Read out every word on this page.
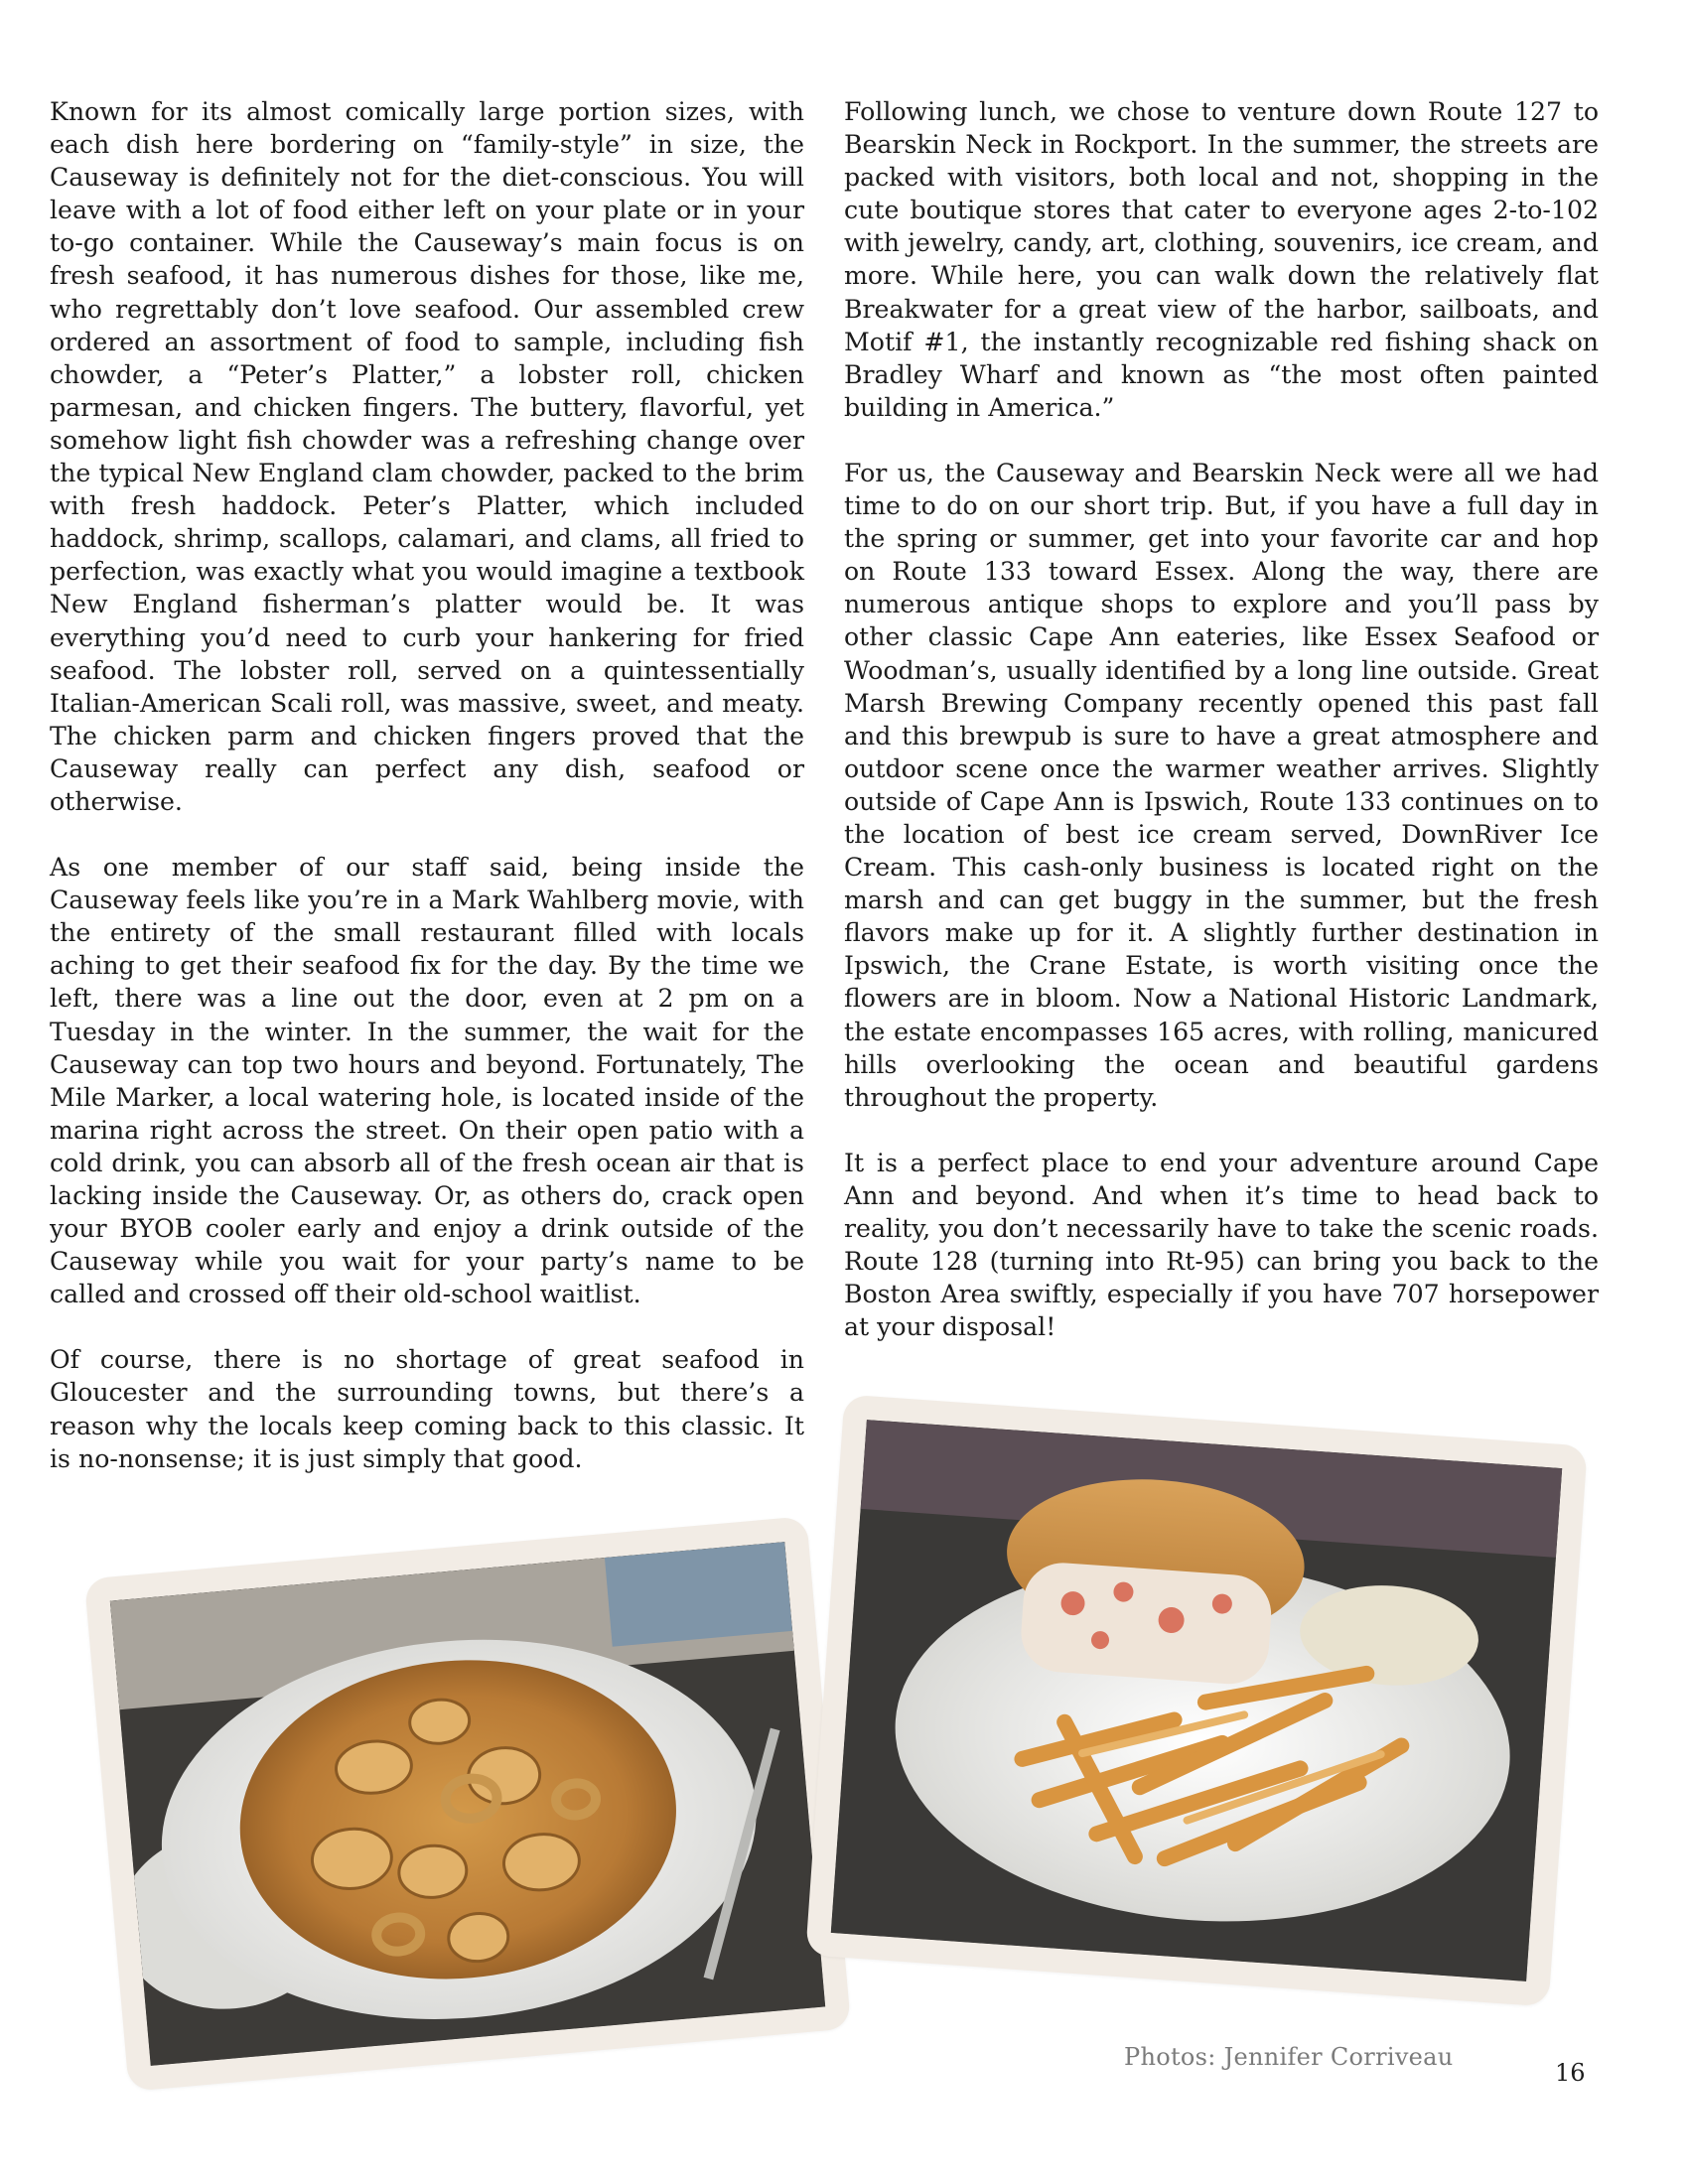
Known for its almost comically large portion sizes, with each dish here bordering on “family-style” in size, the Causeway is definitely not for the diet-conscious. You will leave with a lot of food either left on your plate or in your to-go container. While the Causeway’s main focus is on fresh seafood, it has numerous dishes for those, like me, who regrettably don’t love seafood. Our assembled crew ordered an assortment of food to sample, including fish chowder, a “Peter’s Platter,” a lobster roll, chicken parmesan, and chicken fingers. The buttery, flavorful, yet somehow light fish chowder was a refreshing change over the typical New England clam chowder, packed to the brim with fresh haddock. Peter’s Platter, which included haddock, shrimp, scallops, calamari, and clams, all fried to perfection, was exactly what you would imagine a textbook New England fisherman’s platter would be. It was everything you’d need to curb your hankering for fried seafood. The lobster roll, served on a quintessentially Italian-American Scali roll, was massive, sweet, and meaty. The chicken parm and chicken fingers proved that the Causeway really can perfect any dish, seafood or otherwise.

As one member of our staff said, being inside the Causeway feels like you’re in a Mark Wahlberg movie, with the entirety of the small restaurant filled with locals aching to get their seafood fix for the day. By the time we left, there was a line out the door, even at 2 pm on a Tuesday in the winter. In the summer, the wait for the Causeway can top two hours and beyond. Fortunately, The Mile Marker, a local watering hole, is located inside of the marina right across the street. On their open patio with a cold drink, you can absorb all of the fresh ocean air that is lacking inside the Causeway. Or, as others do, crack open your BYOB cooler early and enjoy a drink outside of the Causeway while you wait for your party’s name to be called and crossed off their old-school waitlist.

Of course, there is no shortage of great seafood in Gloucester and the surrounding towns, but there’s a reason why the locals keep coming back to this classic. It is no-nonsense; it is just simply that good.

Following lunch, we chose to venture down Route 127 to Bearskin Neck in Rockport. In the summer, the streets are packed with visitors, both local and not, shopping in the cute boutique stores that cater to everyone ages 2-to-102 with jewelry, candy, art, clothing, souvenirs, ice cream, and more. While here, you can walk down the relatively flat Breakwater for a great view of the harbor, sailboats, and Motif #1, the instantly recognizable red fishing shack on Bradley Wharf and known as “the most often painted building in America.”

For us, the Causeway and Bearskin Neck were all we had time to do on our short trip. But, if you have a full day in the spring or summer, get into your favorite car and hop on Route 133 toward Essex. Along the way, there are numerous antique shops to explore and you’ll pass by other classic Cape Ann eateries, like Essex Seafood or Woodman’s, usually identified by a long line outside. Great Marsh Brewing Company recently opened this past fall and this brewpub is sure to have a great atmosphere and outdoor scene once the warmer weather arrives. Slightly outside of Cape Ann is Ipswich, Route 133 continues on to the location of best ice cream served, DownRiver Ice Cream. This cash-only business is located right on the marsh and can get buggy in the summer, but the fresh flavors make up for it. A slightly further destination in Ipswich, the Crane Estate, is worth visiting once the flowers are in bloom. Now a National Historic Landmark, the estate encompasses 165 acres, with rolling, manicured hills overlooking the ocean and beautiful gardens throughout the property.

It is a perfect place to end your adventure around Cape Ann and beyond. And when it’s time to head back to reality, you don’t necessarily have to take the scenic roads. Route 128 (turning into Rt-95) can bring you back to the Boston Area swiftly, especially if you have 707 horsepower at your disposal!

Photos: Jennifer Corriveau
16
